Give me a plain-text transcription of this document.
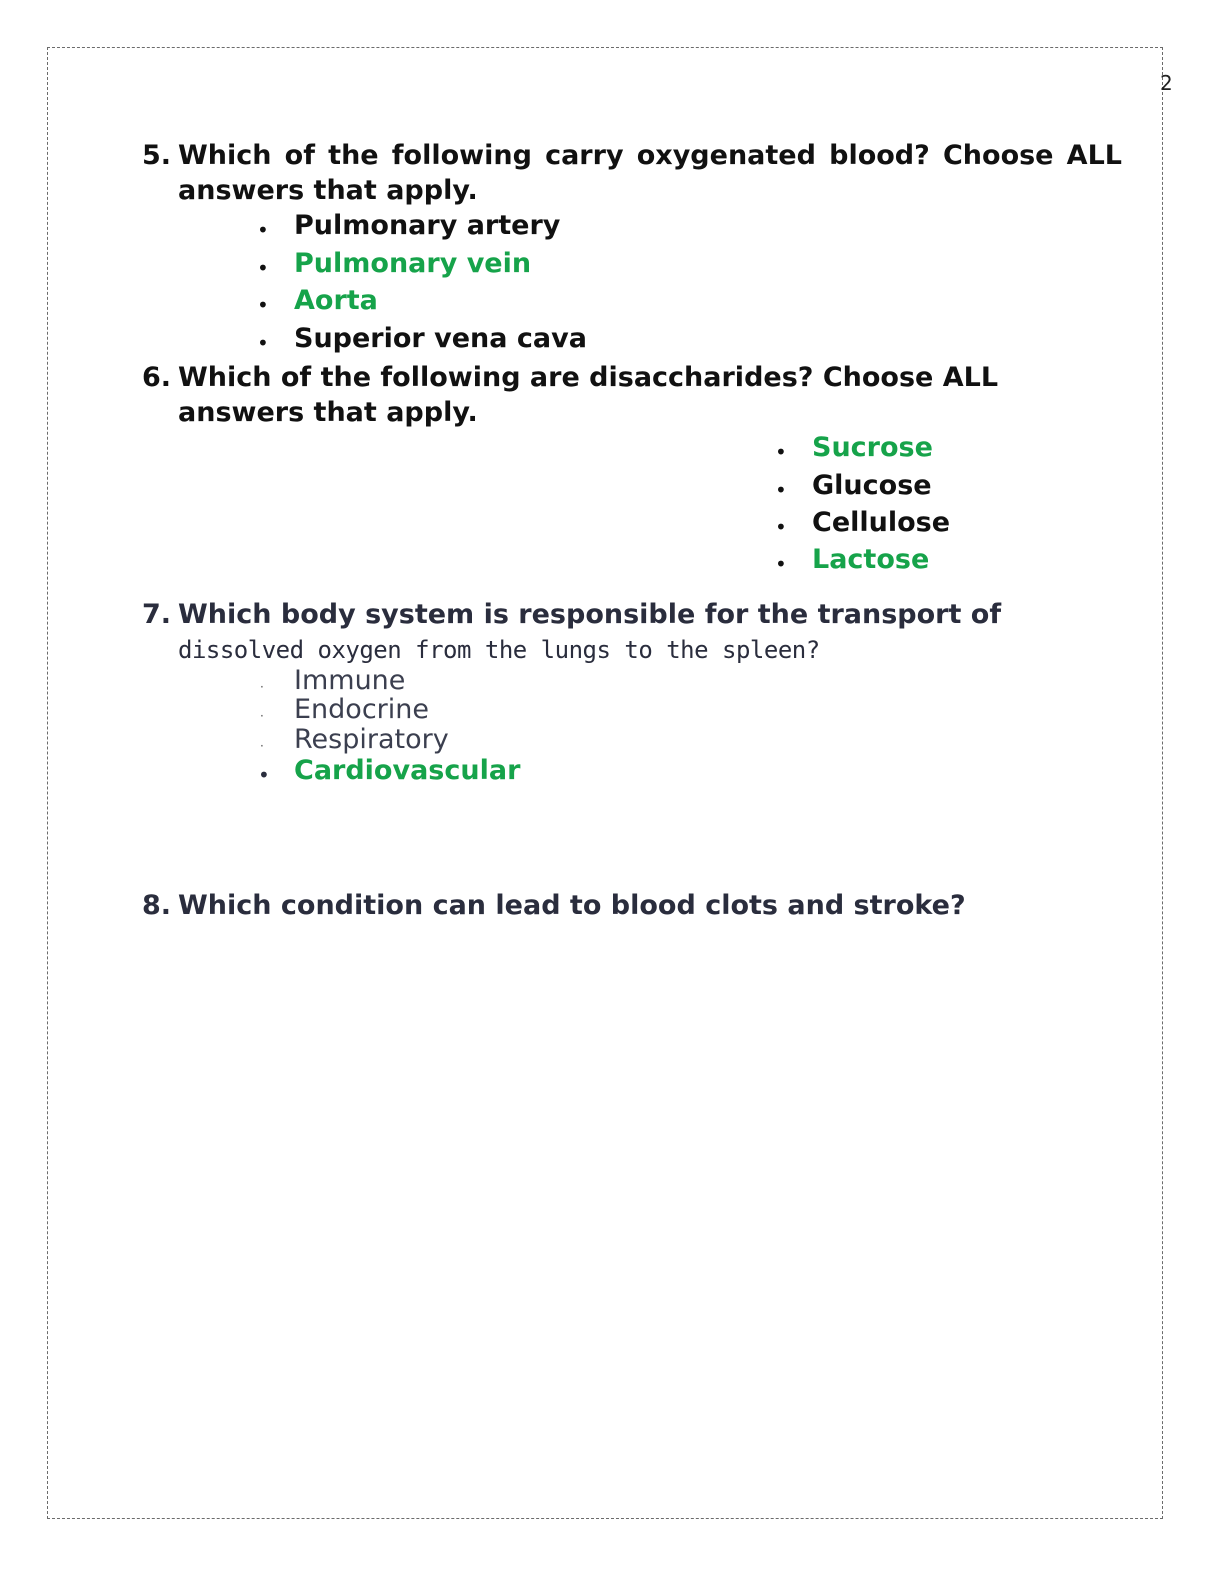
2
5. Which of the following carry oxygenated blood? Choose ALL answers that apply.
• Pulmonary artery
• Pulmonary vein
• Aorta
• Superior vena cava
6. Which of the following are disaccharides? Choose ALL answers that apply.
• Sucrose
• Glucose
• Cellulose
• Lactose
7. Which body system is responsible for the transport of
dissolved oxygen from the lungs to the spleen?
· Immune
· Endocrine
· Respiratory
• Cardiovascular
8. Which condition can lead to blood clots and stroke?
